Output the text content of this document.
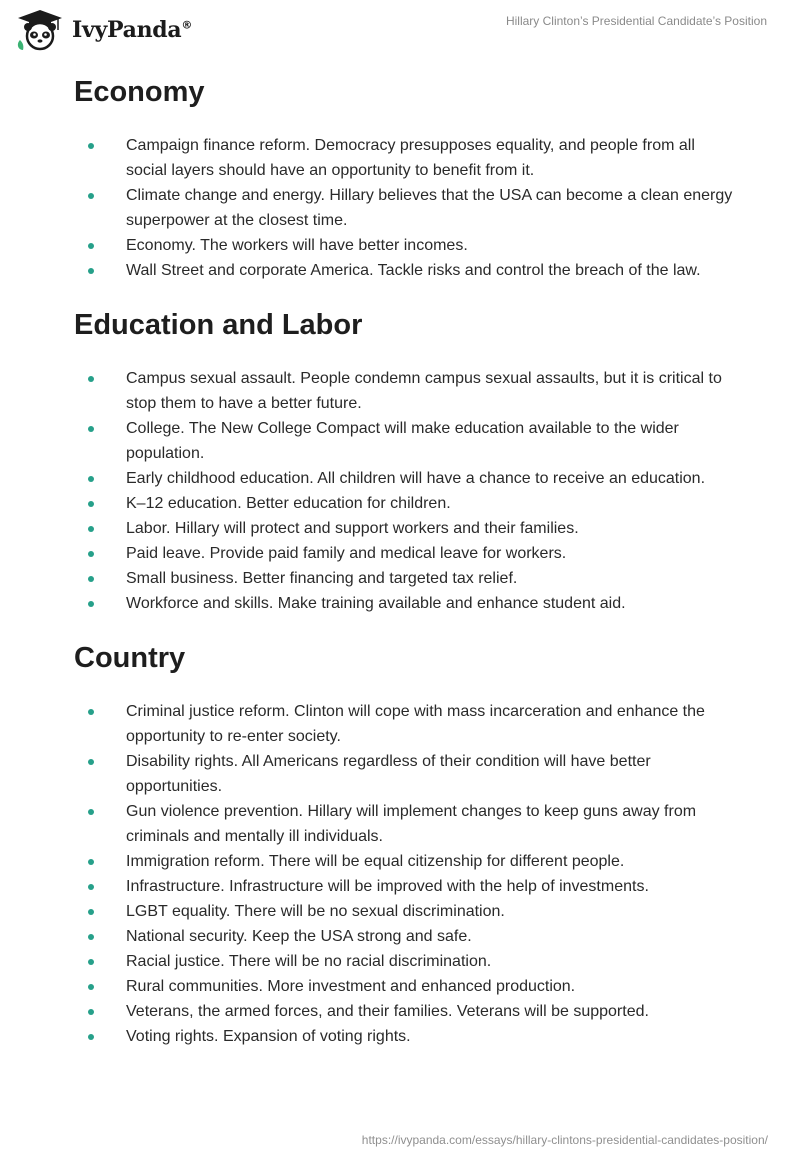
IvyPanda®	Hillary Clinton’s Presidential Candidate’s Position
Economy
Campaign finance reform. Democracy presupposes equality, and people from all social layers should have an opportunity to benefit from it.
Climate change and energy. Hillary believes that the USA can become a clean energy superpower at the closest time.
Economy. The workers will have better incomes.
Wall Street and corporate America. Tackle risks and control the breach of the law.
Education and Labor
Campus sexual assault. People condemn campus sexual assaults, but it is critical to stop them to have a better future.
College. The New College Compact will make education available to the wider population.
Early childhood education. All children will have a chance to receive an education.
K–12 education. Better education for children.
Labor. Hillary will protect and support workers and their families.
Paid leave. Provide paid family and medical leave for workers.
Small business. Better financing and targeted tax relief.
Workforce and skills. Make training available and enhance student aid.
Country
Criminal justice reform. Clinton will cope with mass incarceration and enhance the opportunity to re-enter society.
Disability rights. All Americans regardless of their condition will have better opportunities.
Gun violence prevention. Hillary will implement changes to keep guns away from criminals and mentally ill individuals.
Immigration reform. There will be equal citizenship for different people.
Infrastructure. Infrastructure will be improved with the help of investments.
LGBT equality. There will be no sexual discrimination.
National security. Keep the USA strong and safe.
Racial justice. There will be no racial discrimination.
Rural communities. More investment and enhanced production.
Veterans, the armed forces, and their families. Veterans will be supported.
Voting rights. Expansion of voting rights.
https://ivypanda.com/essays/hillary-clintons-presidential-candidates-position/
